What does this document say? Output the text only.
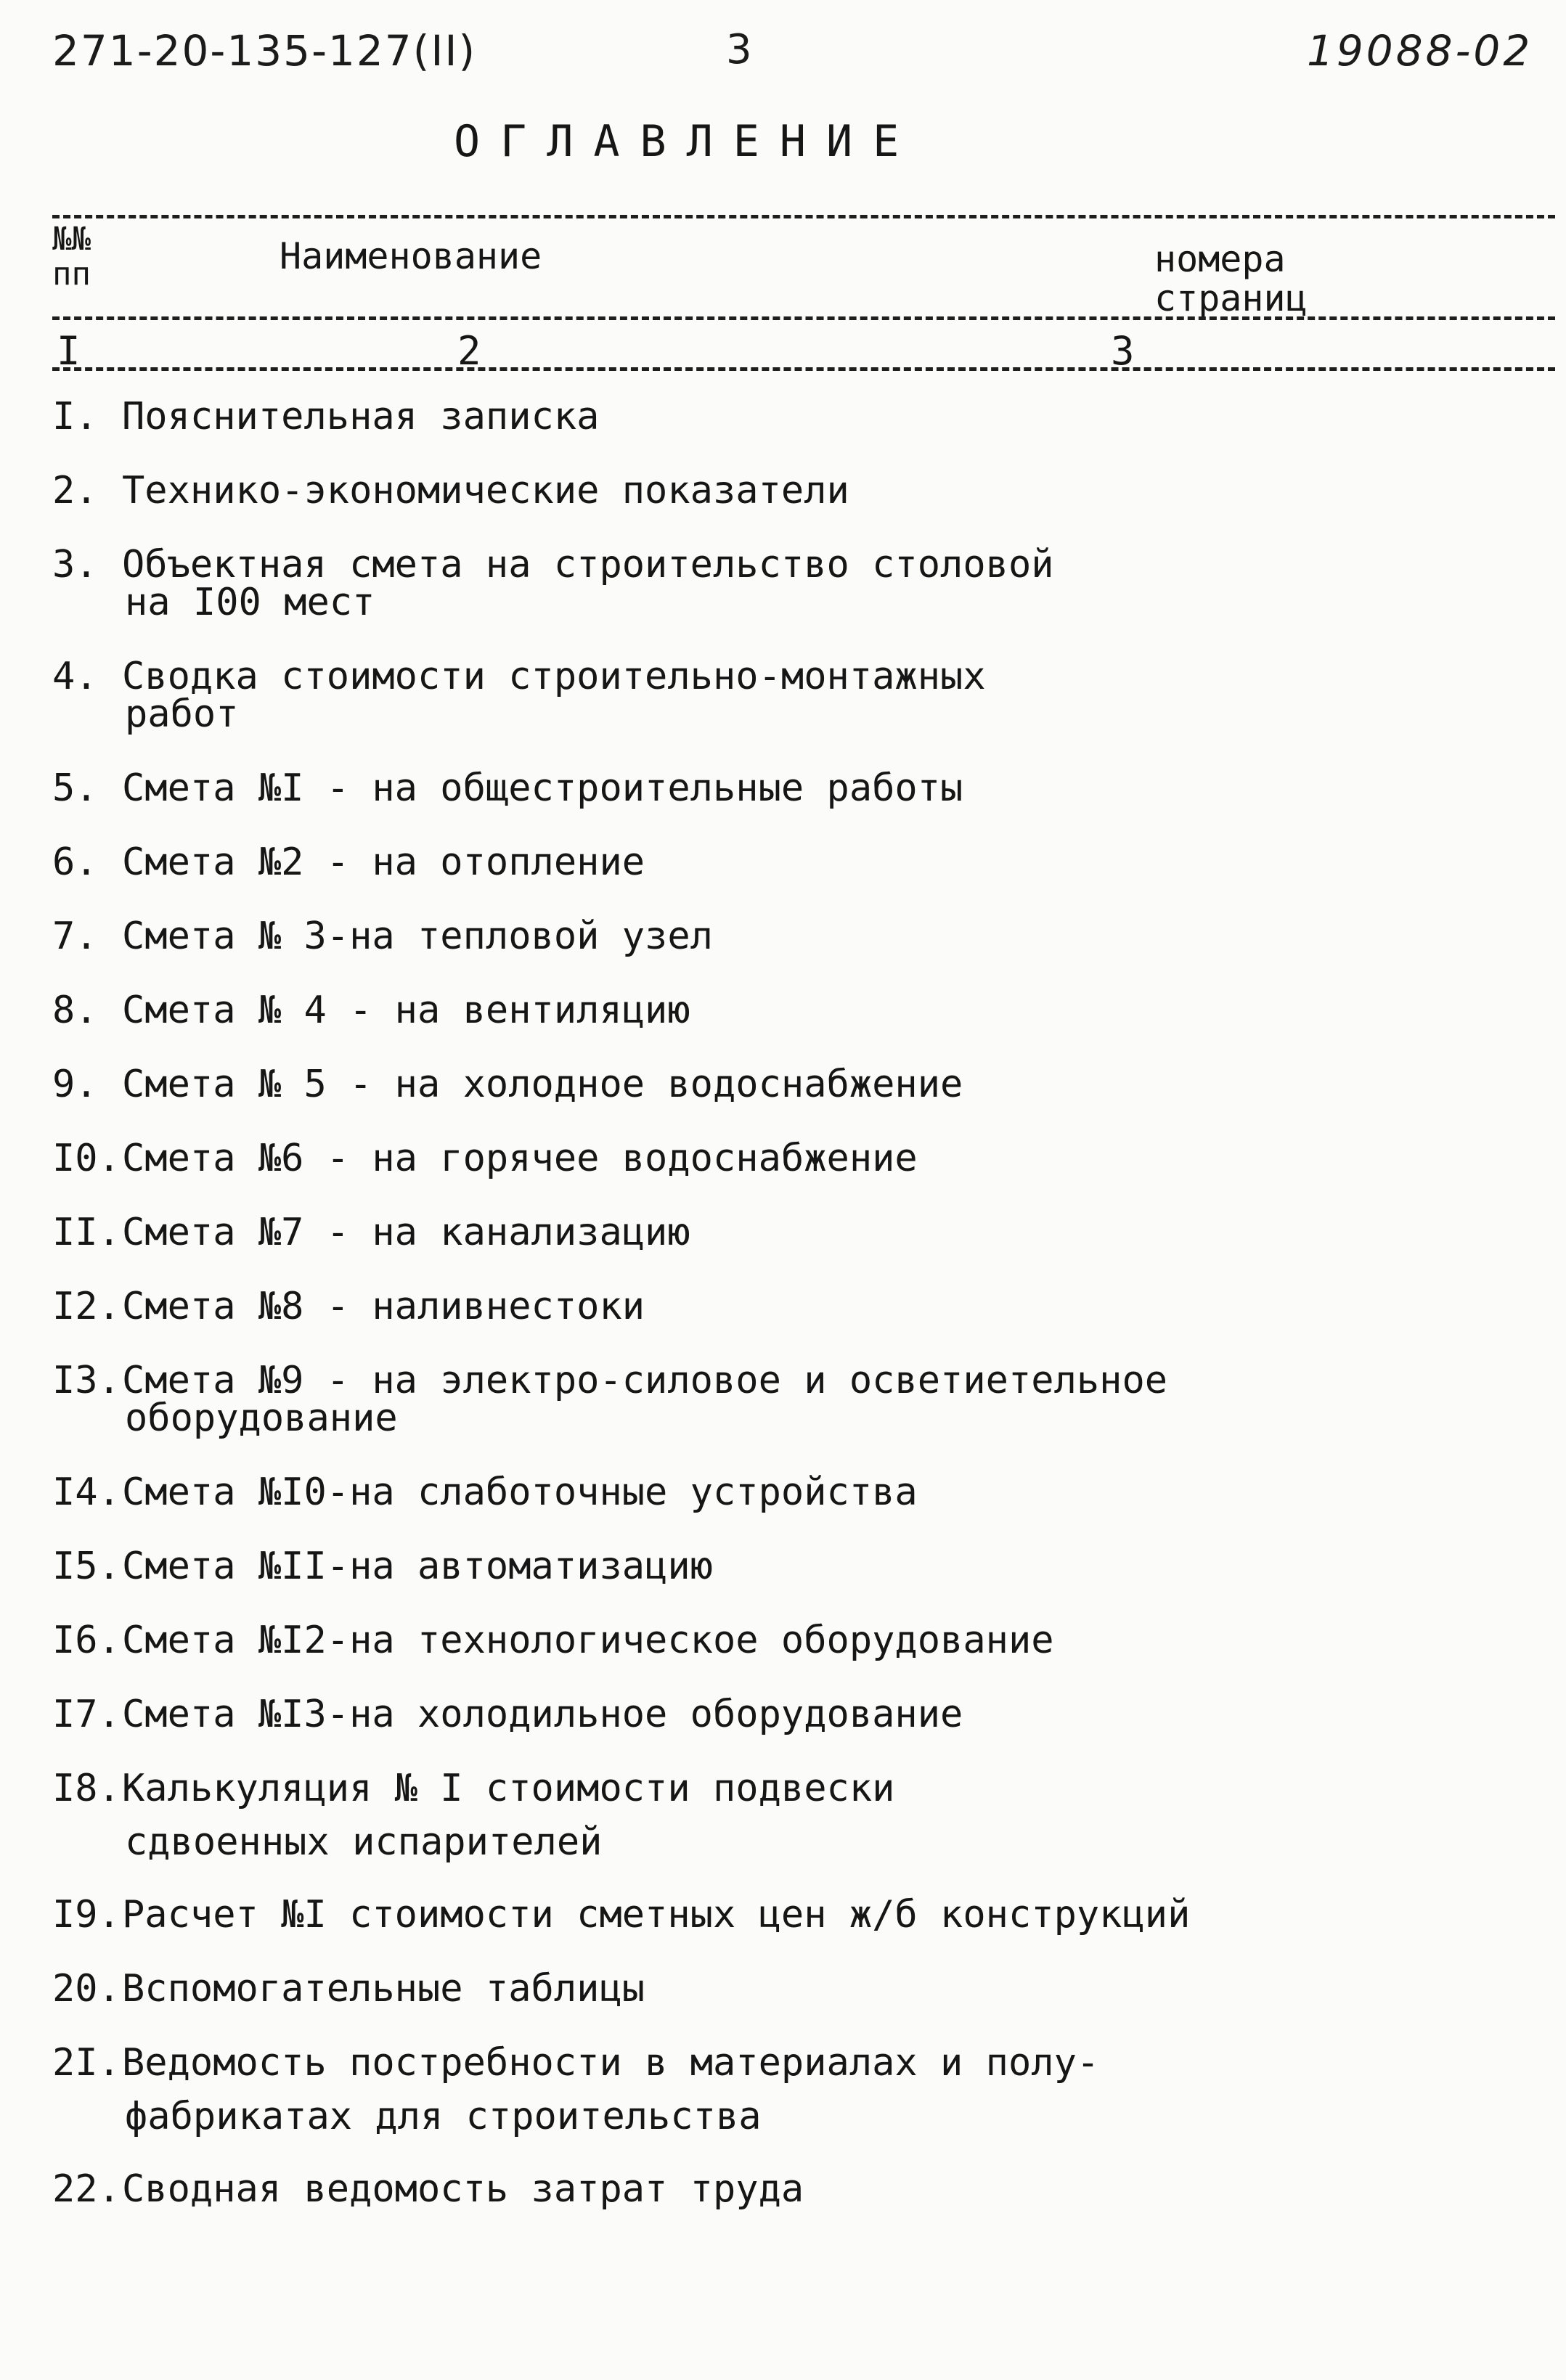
271-20-135-127(II)	3	19088-02
ОГЛАВЛЕНИЕ
№№
пп	Наименование	номера
страниц
I	2	3
I. Пояснительная записка
2. Технико-экономические показатели
3. Объектная смета на строительство столовой
на I00 мест
4. Сводка стоимости строительно-монтажных
работ
5. Смета №I - на общестроительные работы
6. Смета №2 - на отопление
7. Смета № 3-на тепловой узел
8. Смета № 4 - на вентиляцию
9. Смета № 5 - на холодное водоснабжение
I0.Смета №6 - на горячее водоснабжение
II.Смета №7 - на канализацию
I2.Смета №8 - наливнестоки
I3.Смета №9 - на электро-силовое и осветиетельное
оборудование
I4.Смета №I0-на слаботочные устройства
I5.Смета №II-на автоматизацию
I6.Смета №I2-на технологическое оборудование
I7.Смета №I3-на холодильное оборудование
I8.Калькуляция № I стоимости подвески
сдвоенных испарителей
I9.Расчет №I стоимости сметных цен ж/б конструкций
20.Вспомогательные таблицы
2I.Ведомость постребности в материалах и полу-
фабрикатах для строительства
22.Сводная ведомость затрат труда
